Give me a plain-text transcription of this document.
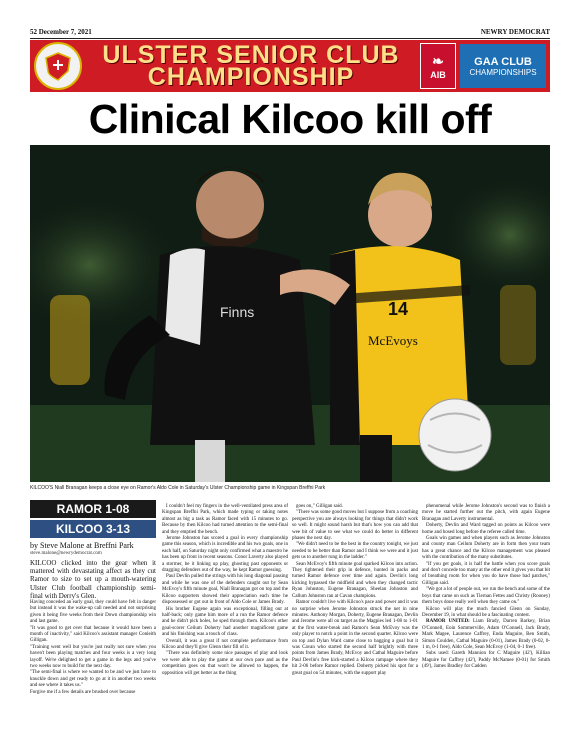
52 December 7, 2021	NEWRY DEMOCRAT
ULSTER SENIOR CLUB
CHAMPIONSHIP
❧
AIB
GAA CLUB
CHAMPIONSHIPS
Clinical Kilcoo kill off
Finns	14
McEvoys
KILCOO'S Niall Branagan keeps a close eye on Ramor's Aldo Cole in Saturday's Ulster Championship game in Kingspan Breffni Park
RAMOR 1-08
KILCOO 3-13
by Steve Malone at Breffni Park
steve.malone@newrydemocrat.com

KILCOO clicked into the gear when it mattered with devastating affect as they cut Ramor to size to set up a mouth-watering Ulster Club football championship semi-final with Derry's Glen.

Having conceded an early goal, they could have felt in danger but instead it was the wake-up call needed and not surprising given it being five weeks from their Down championship win and last game.

"It was good to get over that because it would have been a month of inactivity," said Kilcoo's assistant manager Conleith Gilligan.

"Training went well but you're just really not sure when you haven't been playing matches and four weeks is a very long layoff. We're delighted to get a game in the legs and you've two weeks now to build for the next day.

"The semi-final is where we wanted to be and we just have to knuckle down and get ready to go at it in another two weeks and see where it takes us."

Forgive me if a few details are brushed over because

I couldn't feel my fingers in the well-ventilated press area of Kingspan Breffni Park, which made typing or taking notes almost as big a task as Ramor faced with 15 minutes to go. Because by then Kilcoo had turned attention to the semi-final and they emptied the bench.

Jerome Johnston has scored a goal in every championship game this season, which is incredible and his two goals, one in each half, on Saturday night only confirmed what a maestro he has been up front in recent seasons. Conor Laverty also played a stormer, be it linking up play, ghosting past opponents or dragging defenders out of the way, he kept Ramor guessing.

Paul Devlin pulled the strings with his long diagonal passing and while he was one of the defenders caught out by Sean McEvoy's fifth minute goal, Niall Branagan got on top and the Kilcoo supporters showed their appreciation each time he dispossessed or got out in front of Aldo Cole or James Brady.

His brother Eugene again was exceptional, filling out at half-back; only game him more of a run the Ramor defence and he didn't pick holes, he sped through them. Kilcoo's other goal-scorer Ceilum Doherty had another magnificent game and his finishing was a touch of class.

Overall, it was a great if not complete performance from Kilcoo and they'll give Glenn their fill of it.

"There was definitely some nice passages of play and look we were able to play the game at our own pace and as the competition goes on that won't be allowed to happen, the opposition will get better as the thing

goes on," Gilligan said.

"There was some good moves but I suppose from a coaching perspective you are always looking for things that didn't work so well. It might sound harsh but that's how you can add that wee bit of value to see what we could do better in different phases the next day.

"We didn't need to be the best in the country tonight, we just needed to be better than Ramor and I think we were and it just gets us to another rung in the ladder."

Sean McEvoy's fifth minute goal sparked Kilcoo into action. They tightened their grip in defence, hunted in packs and turned Ramor defence over time and again. Devlin's long kicking bypassed the midfield and when they changed tactic Ryan Johnston, Eugene Branagan, Sheelan Johnston and Callum Johnston ran at Cavan champions.

Ramor couldn't live with Kilcoo's pace and power and it was no surprise when Jerome Johnston struck the net in nine minutes. Anthony Morgan, Doherty, Eugene Branagan, Devlin and Jerome were all on target as the Magpies led 1-08 to 1-01 at the first water-break and Ramor's Sean McEvoy was the only player to notch a point in the second quarter. Kilcoo were on top and Dylan Ward came close to bagging a goal but it was Cavan who started the second half brightly with three points from James Brady, McEvoy and Cathal Maguire before Paul Devlin's free kick-started a Kilcoo rampage where they hit 2-06 before Ramor replied. Doherty picked his spot for a great goal on 54 minutes, with the support play

phenomenal while Jerome Johnston's second was to finish a move he started further out the pitch, with again Eugene Branagan and Laverty instrumental.

Doherty, Devlin and Ward tagged on points as Kilcoo were home and hosed long before the referee called time.

Goals win games and when players such as Jerome Johnston and county man Ceilum Doherty are in form then your team has a great chance and the Kilcoo management was pleased with the contribution of the many substitutes.

"If you get goals, it is half the battle when you score goals and don't concede too many at the other end it gives you that bit of breathing room for when you do have those bad patches," Gilligan said.

"We got a lot of people out, we run the bench and some of the boys that came on such as Tiernan Fettes and Christy (Rooney) them boys done really well when they came on."

Kilcoo will play the much fancied Glenn on Sunday, December 19, in what should be a fascinating contest.

RAMOR UNITED: Liam Brady, Darren Barkey, Brian O'Connell, Eoin Sommerville, Adam O'Connell, Jack Brady, Mark Magee, Laurence Caffrey, Enda Maguire, Ben Smith, Simon Coulden, Cathal Maguire (0-01), James Brady (0-02, 0-1 m, 0-1 free), Aldo Cole, Sean McEvoy (1-04, 0-1 free).

Subs used: Gareth Mannion for C Maguire (42'), Killian Maguire for Caffrey (42'), Paddy McNamee (0-01) for Smith (49'), James Bradley for Cadden
